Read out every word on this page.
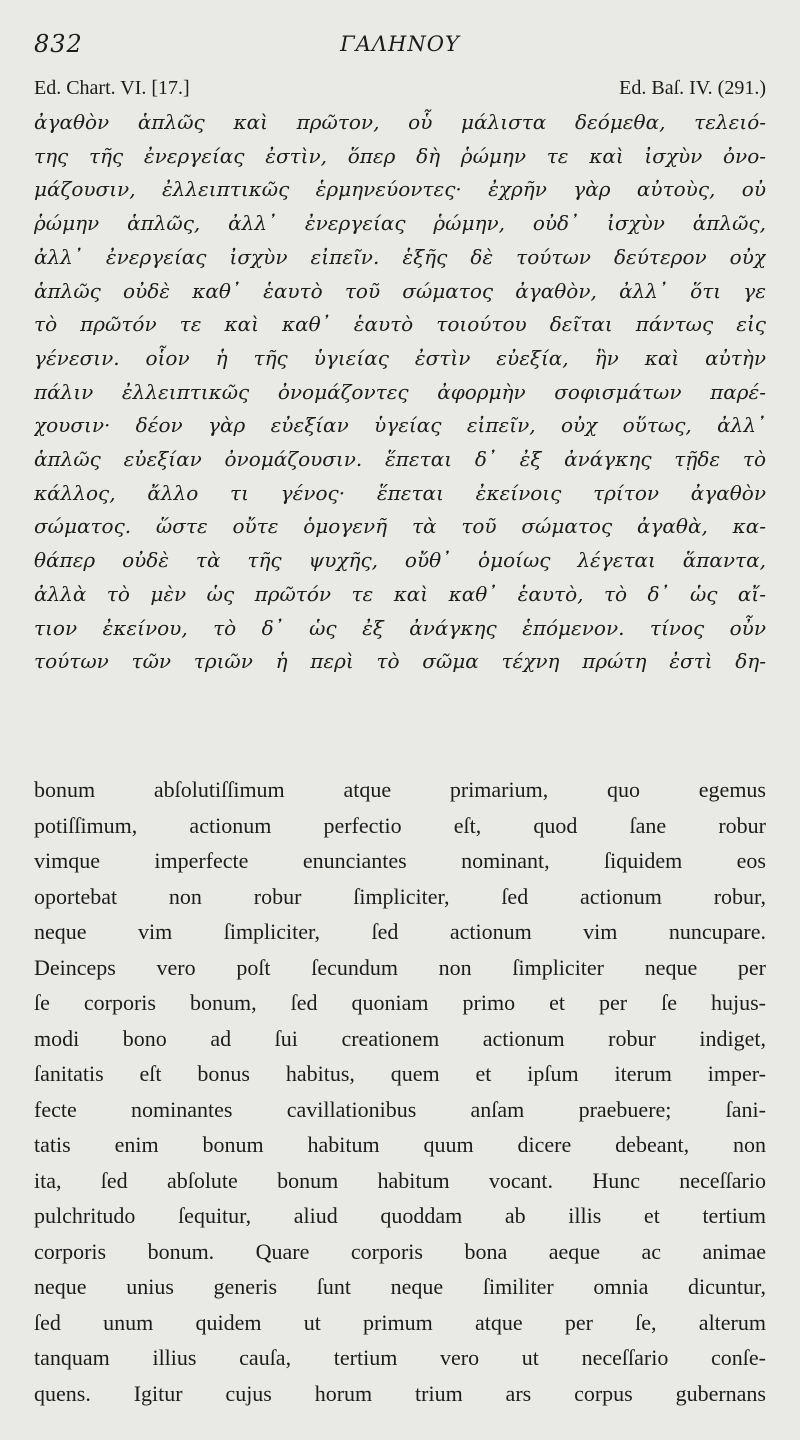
832	ΓΑΛΗΝΟΥ
Ed. Chart. VI. [17.]	Ed. Baſ. IV. (291.)
ἀγαθὸν ἁπλῶς καὶ πρῶτον, οὗ μάλιστα δεόμεθα, τελειό-
της τῆς ἐνεργείας ἐστὶν, ὅπερ δὴ ῥώμην τε καὶ ἰσχὺν ὀνο-
μάζουσιν, ἐλλειπτικῶς ἑρμηνεύοντες· ἐχρῆν γὰρ αὐτοὺς, οὐ
ῥώμην ἁπλῶς, ἀλλ᾽ ἐνεργείας ῥώμην, οὐδ᾽ ἰσχὺν ἁπλῶς,
ἀλλ᾽ ἐνεργείας ἰσχὺν εἰπεῖν. ἑξῆς δὲ τούτων δεύτερον οὐχ
ἁπλῶς οὐδὲ καθ᾽ ἑαυτὸ τοῦ σώματος ἀγαθὸν, ἀλλ᾽ ὅτι γε
τὸ πρῶτόν τε καὶ καθ᾽ ἑαυτὸ τοιούτου δεῖται πάντως εἰς
γένεσιν. οἷον ἡ τῆς ὑγιείας ἐστὶν εὐεξία, ἣν καὶ αὐτὴν
πάλιν ἐλλειπτικῶς ὀνομάζοντες ἀφορμὴν σοφισμάτων παρέ-
χουσιν· δέον γὰρ εὐεξίαν ὑγείας εἰπεῖν, οὐχ οὕτως, ἀλλ᾽
ἁπλῶς εὐεξίαν ὀνομάζουσιν. ἕπεται δ᾽ ἐξ ἀνάγκης τῇδε τὸ
κάλλος, ἄλλο τι γένος· ἕπεται ἐκείνοις τρίτον ἀγαθὸν
σώματος. ὥστε οὔτε ὁμογενῆ τὰ τοῦ σώματος ἀγαθὰ, κα-
θάπερ οὐδὲ τὰ τῆς ψυχῆς, οὔθ᾽ ὁμοίως λέγεται ἅπαντα,
ἀλλὰ τὸ μὲν ὡς πρῶτόν τε καὶ καθ᾽ ἑαυτὸ, τὸ δ᾽ ὡς αἴ-
τιον ἐκείνου, τὸ δ᾽ ὡς ἐξ ἀνάγκης ἑπόμενον. τίνος οὖν
τούτων τῶν τριῶν ἡ περὶ τὸ σῶμα τέχνη πρώτη ἐστὶ δη-
bonum abſolutiſſimum atque primarium, quo egemus
potiſſimum, actionum perfectio eſt, quod ſane robur
vimque imperfecte enunciantes nominant, ſiquidem eos
oportebat non robur ſimpliciter, ſed actionum robur,
neque vim ſimpliciter, ſed actionum vim nuncupare.
Deinceps vero poſt ſecundum non ſimpliciter neque per
ſe corporis bonum, ſed quoniam primo et per ſe hujus-
modi bono ad ſui creationem actionum robur indiget,
ſanitatis eſt bonus habitus, quem et ipſum iterum imper-
fecte nominantes cavillationibus anſam praebuere; ſani-
tatis enim bonum habitum quum dicere debeant, non
ita, ſed abſolute bonum habitum vocant. Hunc neceſſario
pulchritudo ſequitur, aliud quoddam ab illis et tertium
corporis bonum. Quare corporis bona aeque ac animae
neque unius generis ſunt neque ſimiliter omnia dicuntur,
ſed unum quidem ut primum atque per ſe, alterum
tanquam illius cauſa, tertium vero ut neceſſario conſe-
quens. Igitur cujus horum trium ars corpus gubernans
